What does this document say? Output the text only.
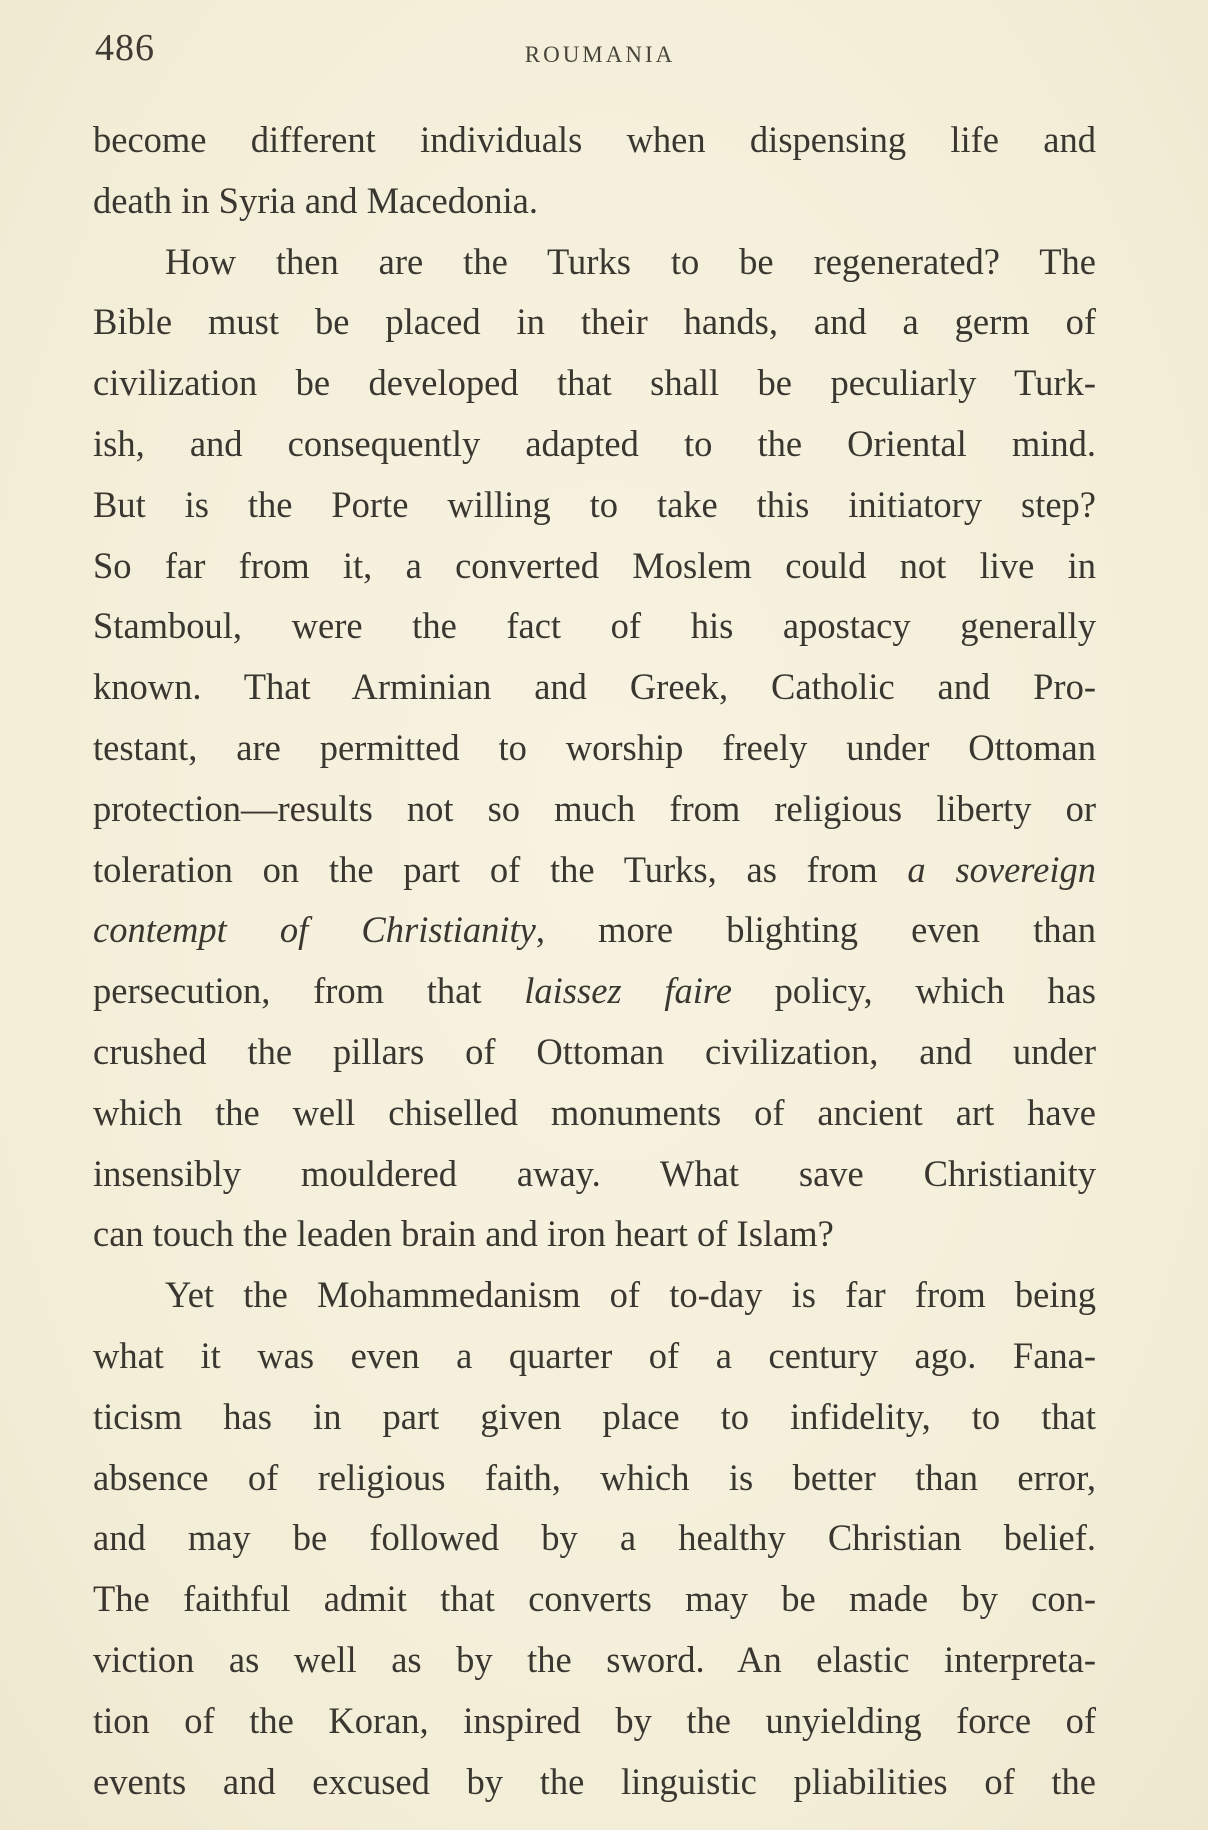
486	ROUMANIA
become different individuals when dispensing life and
death in Syria and Macedonia.
How then are the Turks to be regenerated? The
Bible must be placed in their hands, and a germ of
civilization be developed that shall be peculiarly Turk-
ish, and consequently adapted to the Oriental mind.
But is the Porte willing to take this initiatory step?
So far from it, a converted Moslem could not live in
Stamboul, were the fact of his apostacy generally
known. That Arminian and Greek, Catholic and Pro-
testant, are permitted to worship freely under Ottoman
protection—results not so much from religious liberty or
toleration on the part of the Turks, as from a sovereign
contempt of Christianity, more blighting even than
persecution, from that laissez faire policy, which has
crushed the pillars of Ottoman civilization, and under
which the well chiselled monuments of ancient art have
insensibly mouldered away. What save Christianity
can touch the leaden brain and iron heart of Islam?
Yet the Mohammedanism of to-day is far from being
what it was even a quarter of a century ago. Fana-
ticism has in part given place to infidelity, to that
absence of religious faith, which is better than error,
and may be followed by a healthy Christian belief.
The faithful admit that converts may be made by con-
viction as well as by the sword. An elastic interpreta-
tion of the Koran, inspired by the unyielding force of
events and excused by the linguistic pliabilities of the
